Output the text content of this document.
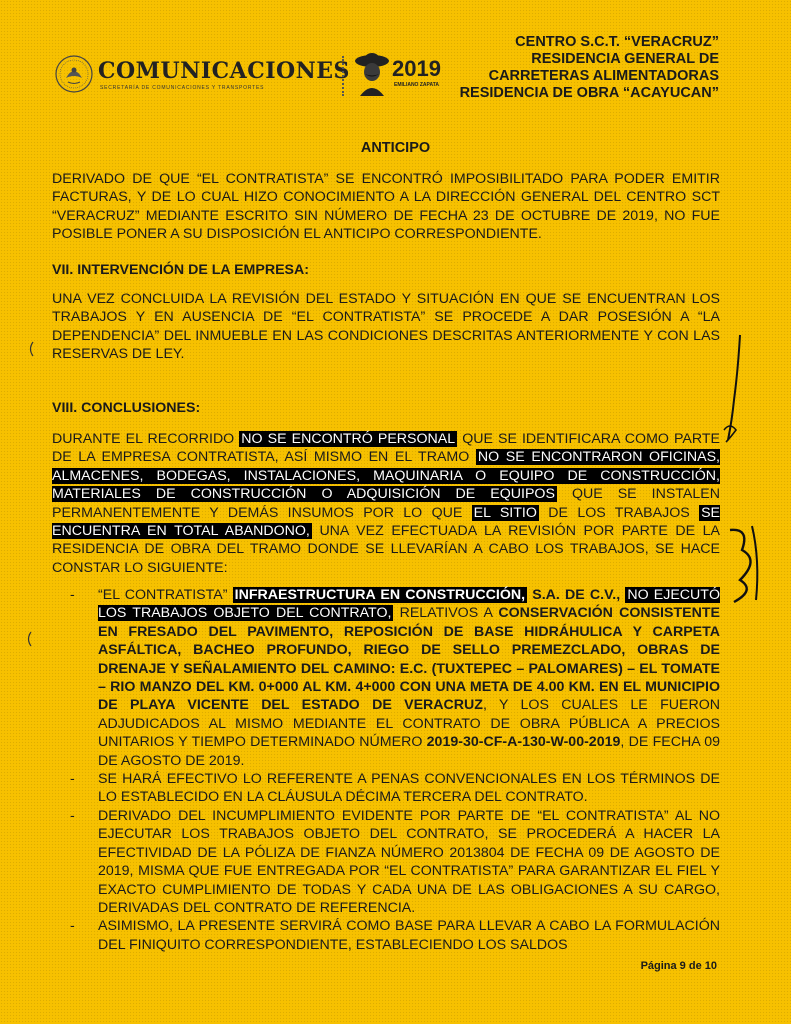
COMUNICACIONES
SECRETARÍA DE COMUNICACIONES Y TRANSPORTES
2019
EMILIANO ZAPATA
CENTRO S.C.T. “VERACRUZ”
RESIDENCIA GENERAL DE
CARRETERAS ALIMENTADORAS
RESIDENCIA DE OBRA “ACAYUCAN”
ANTICIPO
DERIVADO DE QUE “EL CONTRATISTA” SE ENCONTRÓ IMPOSIBILITADO PARA PODER EMITIR FACTURAS, Y DE LO CUAL HIZO CONOCIMIENTO A LA DIRECCIÓN GENERAL DEL CENTRO SCT “VERACRUZ” MEDIANTE ESCRITO SIN NÚMERO DE FECHA 23 DE OCTUBRE DE 2019, NO FUE POSIBLE PONER A SU DISPOSICIÓN EL ANTICIPO CORRESPONDIENTE.
VII. INTERVENCIÓN DE LA EMPRESA:
UNA VEZ CONCLUIDA LA REVISIÓN DEL ESTADO Y SITUACIÓN EN QUE SE ENCUENTRAN LOS TRABAJOS Y EN AUSENCIA DE “EL CONTRATISTA” SE PROCEDE A DAR POSESIÓN A “LA DEPENDENCIA” DEL INMUEBLE EN LAS CONDICIONES DESCRITAS ANTERIORMENTE Y CON LAS RESERVAS DE LEY.
VIII. CONCLUSIONES:
DURANTE EL RECORRIDO NO SE ENCONTRÓ PERSONAL QUE SE IDENTIFICARA COMO PARTE DE LA EMPRESA CONTRATISTA, ASÍ MISMO EN EL TRAMO NO SE ENCONTRARON OFICINAS, ALMACENES, BODEGAS, INSTALACIONES, MAQUINARIA O EQUIPO DE CONSTRUCCIÓN, MATERIALES DE CONSTRUCCIÓN O ADQUISICIÓN DE EQUIPOS QUE SE INSTALEN PERMANENTEMENTE Y DEMÁS INSUMOS POR LO QUE EL SITIO DE LOS TRABAJOS SE ENCUENTRA EN TOTAL ABANDONO, UNA VEZ EFECTUADA LA REVISIÓN POR PARTE DE LA RESIDENCIA DE OBRA DEL TRAMO DONDE SE LLEVARÍAN A CABO LOS TRABAJOS, SE HACE CONSTAR LO SIGUIENTE:
- “EL CONTRATISTA” INFRAESTRUCTURA EN CONSTRUCCIÓN, S.A. DE C.V., NO EJECUTÓ LOS TRABAJOS OBJETO DEL CONTRATO, RELATIVOS A CONSERVACIÓN CONSISTENTE EN FRESADO DEL PAVIMENTO, REPOSICIÓN DE BASE HIDRÁHULICA Y CARPETA ASFÁLTICA, BACHEO PROFUNDO, RIEGO DE SELLO PREMEZCLADO, OBRAS DE DRENAJE Y SEÑALAMIENTO DEL CAMINO: E.C. (TUXTEPEC – PALOMARES) – EL TOMATE – RIO MANZO DEL KM. 0+000 AL KM. 4+000 CON UNA META DE 4.00 KM. EN EL MUNICIPIO DE PLAYA VICENTE DEL ESTADO DE VERACRUZ, Y LOS CUALES LE FUERON ADJUDICADOS AL MISMO MEDIANTE EL CONTRATO DE OBRA PÚBLICA A PRECIOS UNITARIOS Y TIEMPO DETERMINADO NÚMERO 2019-30-CF-A-130-W-00-2019, DE FECHA 09 DE AGOSTO DE 2019.
- SE HARÁ EFECTIVO LO REFERENTE A PENAS CONVENCIONALES EN LOS TÉRMINOS DE LO ESTABLECIDO EN LA CLÁUSULA DÉCIMA TERCERA DEL CONTRATO.
- DERIVADO DEL INCUMPLIMIENTO EVIDENTE POR PARTE DE “EL CONTRATISTA” AL NO EJECUTAR LOS TRABAJOS OBJETO DEL CONTRATO, SE PROCEDERÁ A HACER LA EFECTIVIDAD DE LA PÓLIZA DE FIANZA NÚMERO 2013804 DE FECHA 09 DE AGOSTO DE 2019, MISMA QUE FUE ENTREGADA POR “EL CONTRATISTA” PARA GARANTIZAR EL FIEL Y EXACTO CUMPLIMIENTO DE TODAS Y CADA UNA DE LAS OBLIGACIONES A SU CARGO, DERIVADAS DEL CONTRATO DE REFERENCIA.
- ASIMISMO, LA PRESENTE SERVIRÁ COMO BASE PARA LLEVAR A CABO LA FORMULACIÓN DEL FINIQUITO CORRESPONDIENTE, ESTABLECIENDO LOS SALDOS
Página 9 de 10
